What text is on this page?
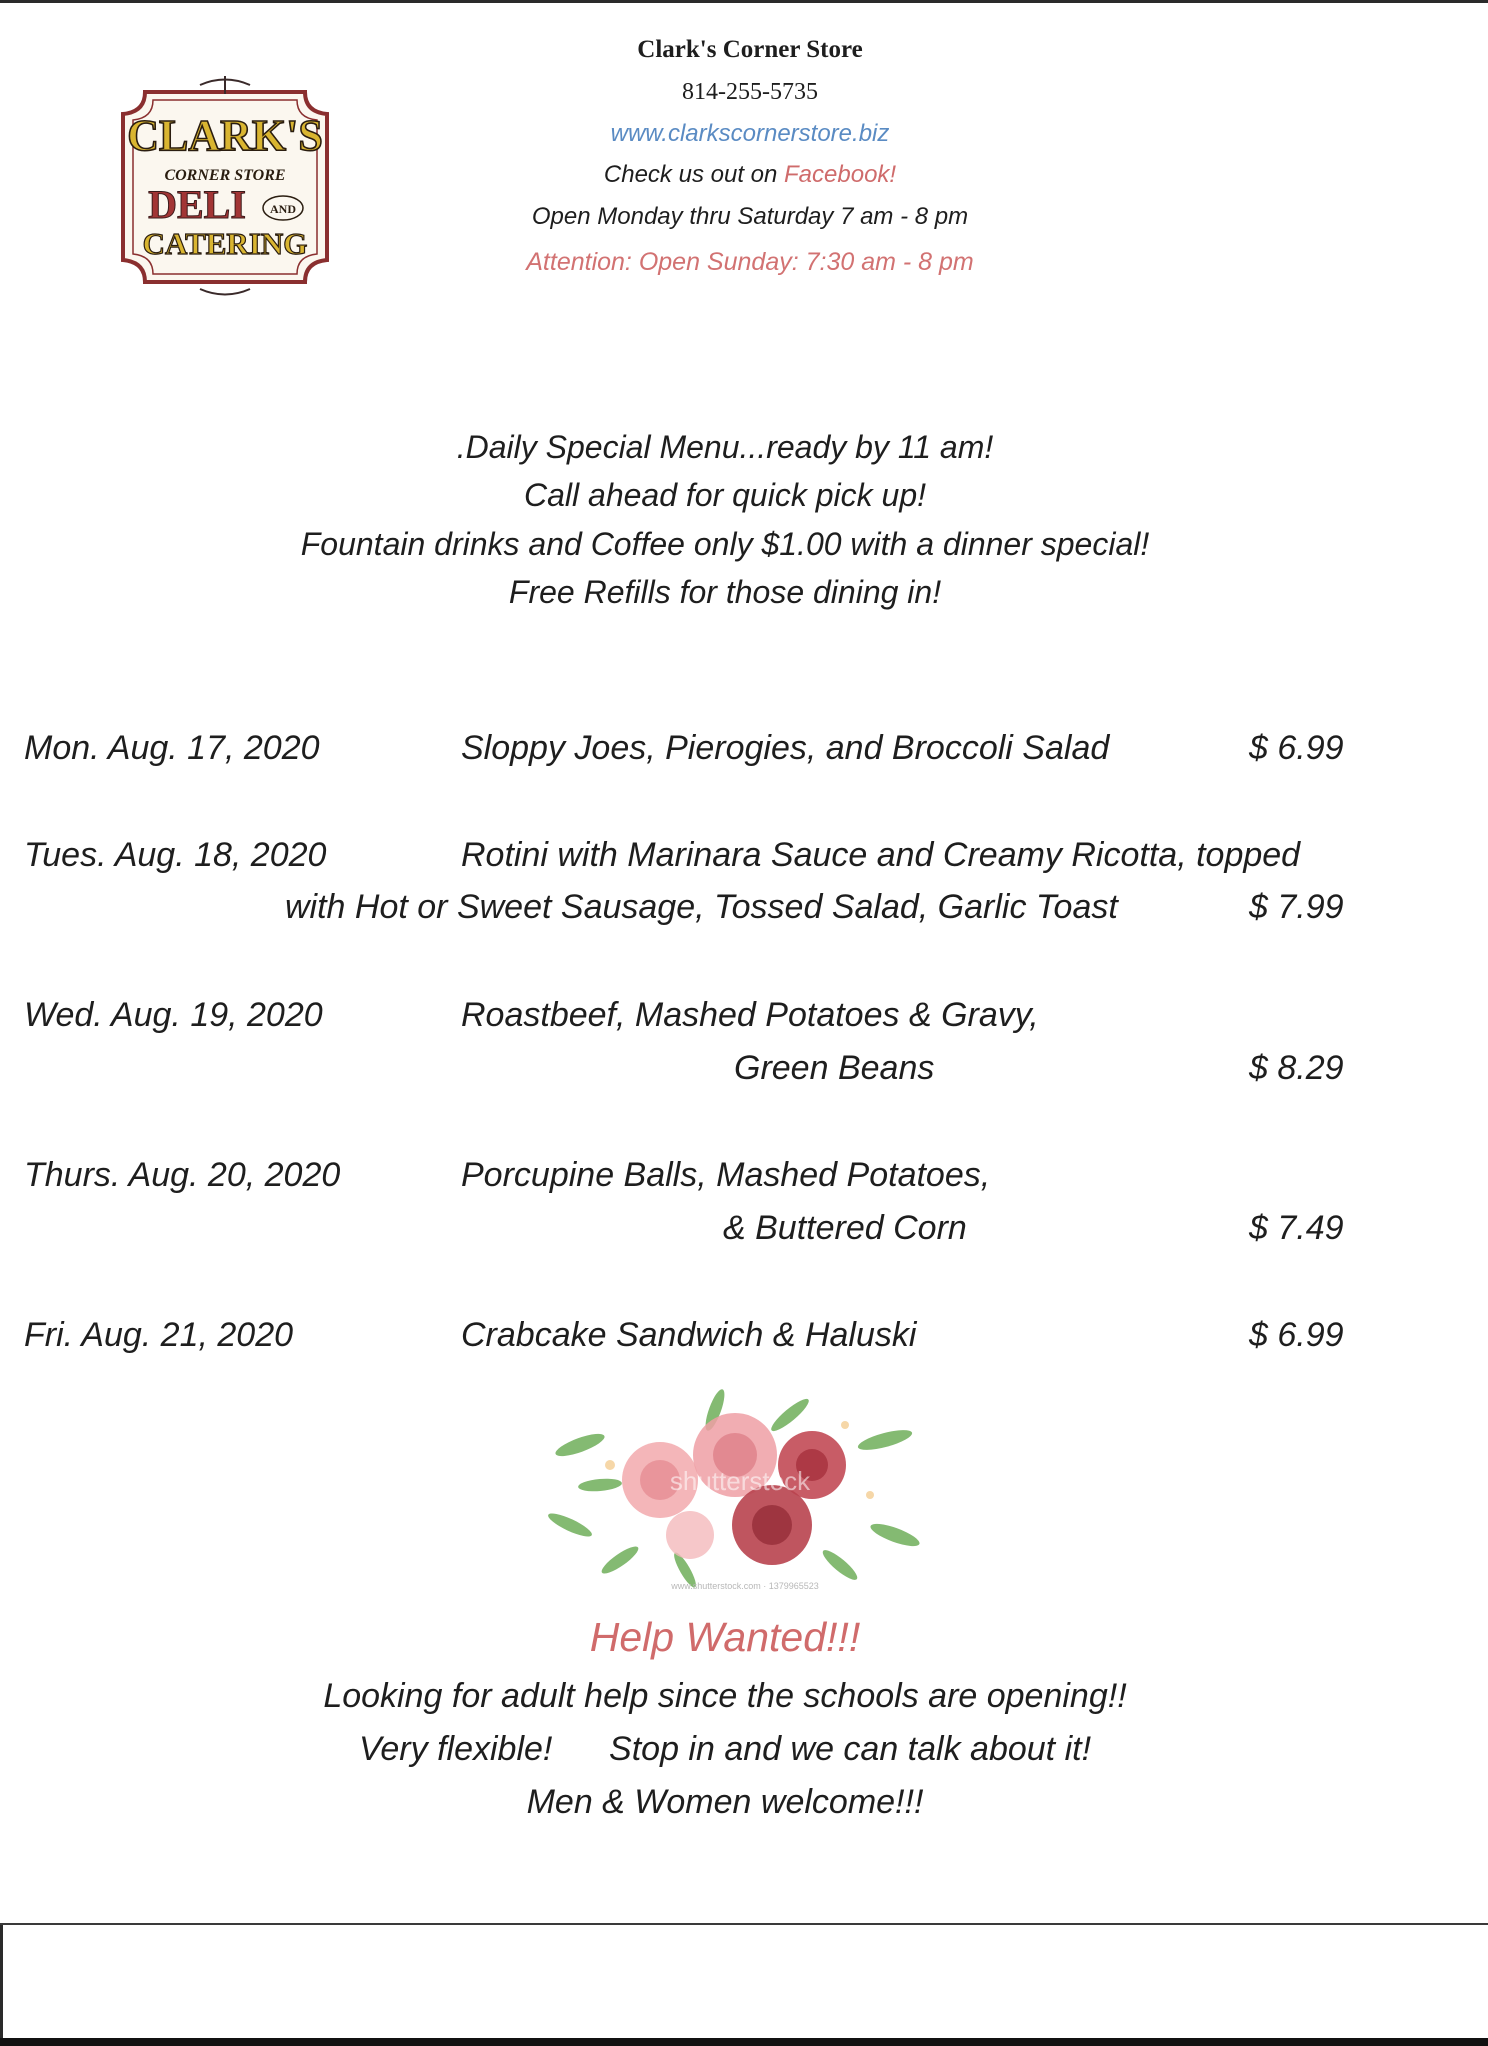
CLARK'S
CORNER STORE
DELI AND
CATERING
Clark's Corner Store
814-255-5735
www.clarkscornerstore.biz
Check us out on Facebook!
Open Monday thru Saturday 7 am - 8 pm
Attention: Open Sunday: 7:30 am - 8 pm
.Daily Special Menu...ready by 11 am!
Call ahead for quick pick up!
Fountain drinks and Coffee only $1.00 with a dinner special!
Free Refills for those dining in!
Mon. Aug. 17, 2020	Sloppy Joes, Pierogies, and Broccoli Salad	$ 6.99
Tues. Aug. 18, 2020	Rotini with Marinara Sauce and Creamy Ricotta, topped
with Hot or Sweet Sausage, Tossed Salad, Garlic Toast	$ 7.99
Wed. Aug. 19, 2020	Roastbeef, Mashed Potatoes & Gravy,
Green Beans	$ 8.29
Thurs. Aug. 20, 2020	Porcupine Balls, Mashed Potatoes,
& Buttered Corn	$ 7.49
Fri. Aug. 21, 2020	Crabcake Sandwich & Haluski	$ 6.99
shutterstock
www.shutterstock.com · 1379965523
Help Wanted!!!
Looking for adult help since the schools are opening!!
Very flexible!      Stop in and we can talk about it!
Men & Women welcome!!!
